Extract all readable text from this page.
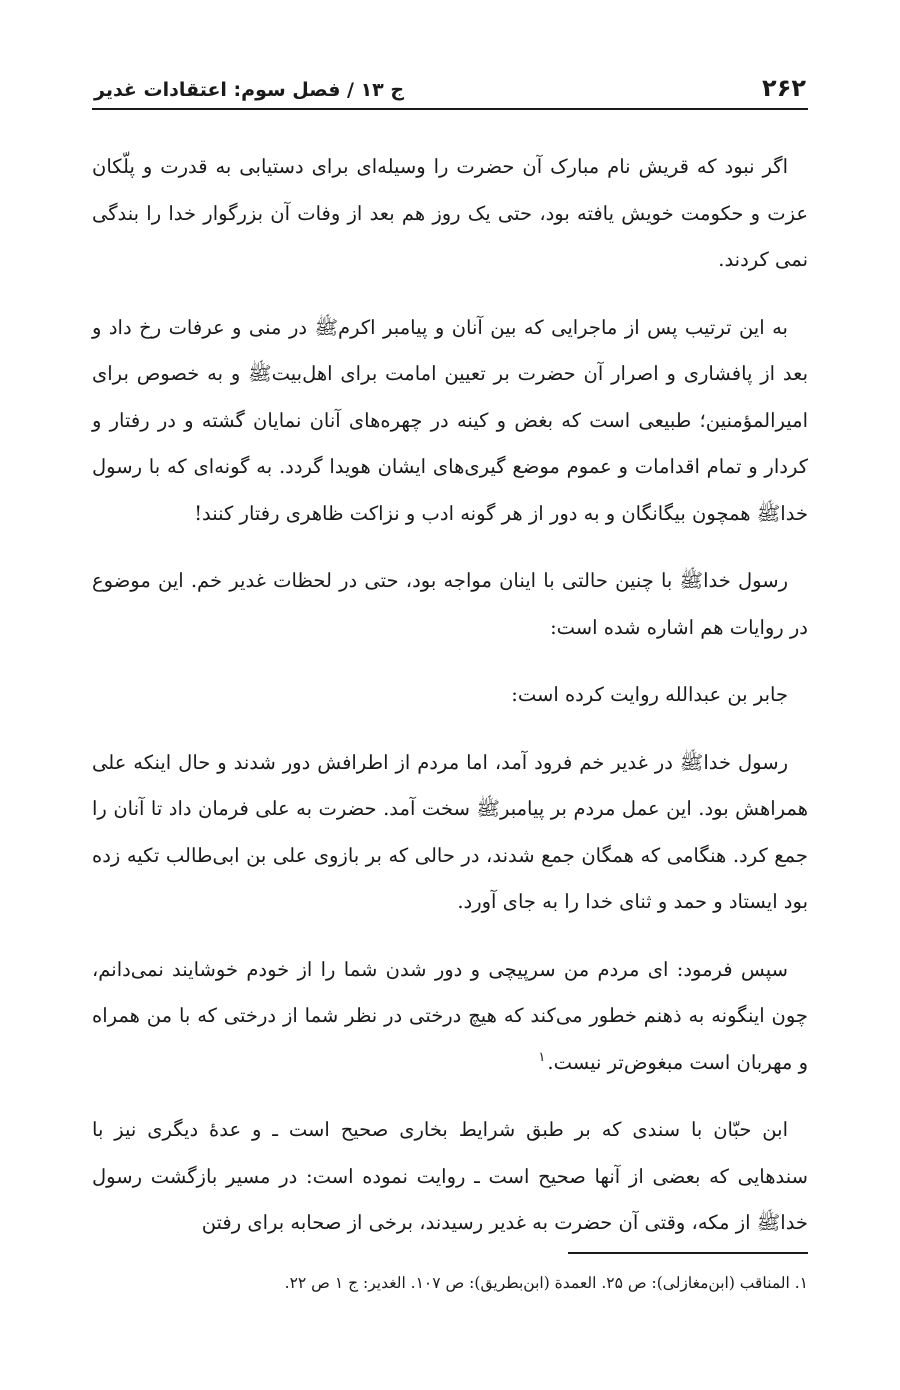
۲۶۲
ج ۱۳ / فصل سوم: اعتقادات غدیر

اگر نبود که قریش نام مبارک آن حضرت را وسیله‌ای برای دستیابی به قدرت و پلّکان عزت و حکومت خویش یافته بود، حتی یک روز هم بعد از وفات آن بزرگوار خدا را بندگی نمی کردند.

به این ترتیب پس از ماجرایی که بین آنان و پیامبر اکرمﷺ در منی و عرفات رخ داد و بعد از پافشاری و اصرار آن حضرت بر تعیین امامت برای اهل‌بیتﷺ و به خصوص برای امیرالمؤمنین؛ طبیعی است که بغض و کینه در چهره‌های آنان نمایان گشته و در رفتار و کردار و تمام اقدامات و عموم موضع گیری‌های ایشان هویدا گردد. به گونه‌ای که با رسول خداﷺ همچون بیگانگان و به دور از هر گونه ادب و نزاکت ظاهری رفتار کنند!

رسول خداﷺ با چنین حالتی با اینان مواجه بود، حتی در لحظات غدیر خم. این موضوع در روایات هم اشاره شده است:

جابر بن عبدالله روایت کرده است:

رسول خداﷺ در غدیر خم فرود آمد، اما مردم از اطرافش دور شدند و حال اینکه علی همراهش بود. این عمل مردم بر پیامبرﷺ سخت آمد. حضرت به علی فرمان داد تا آنان را جمع کرد. هنگامی که همگان جمع شدند، در حالی که بر بازوی علی بن ابی‌طالب تکیه زده بود ایستاد و حمد و ثنای خدا را به جای آورد.

سپس فرمود: ای مردم من سرپیچی و دور شدن شما را از خودم خوشایند نمی‌دانم، چون اینگونه به ذهنم خطور می‌کند که هیچ درختی در نظر شما از درختی که با من همراه و مهربان است مبغوض‌تر نیست.$^۱$

ابن حبّان با سندی که بر طبق شرایط بخاری صحیح است ـ و عدهٔ دیگری نیز با سندهایی که بعضی از آنها صحیح است ـ روایت نموده است: در مسیر بازگشت رسول خداﷺ از مکه، وقتی آن حضرت به غدیر رسیدند، برخی از صحابه برای رفتن

۱. المناقب (ابن‌مغازلی): ص ۲۵. العمدة (ابن‌بطریق): ص ۱۰۷. الغدیر: ج ۱ ص ۲۲.
